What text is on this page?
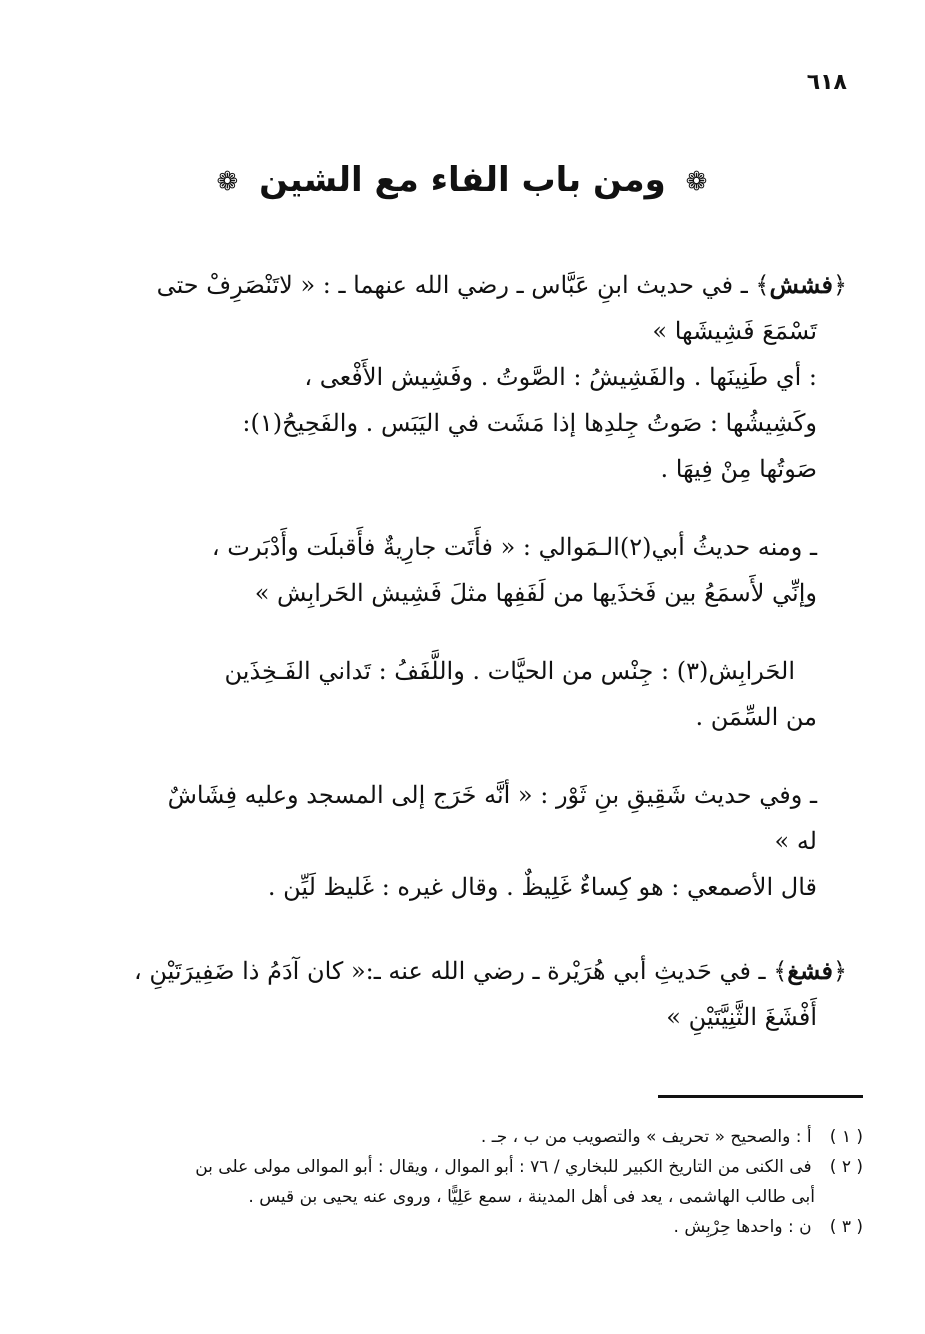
٦١٨
❁ ومن باب الفاء مع الشين ❁
﴿فشش﴾ ـ في حديث ابنِ عَبَّاس ـ رضي الله عنهما ـ : « لاتَنْصَرِفْ حتى
تَسْمَعَ فَشِيشَها »
: أي طَنِينَها . والفَشِيشُ : الصَّوتُ . وفَشِيش الأَفْعى ،
وكَشِيشُها : صَوتُ جِلدِها إذا مَشَت في اليَبَس . والفَحِيحُ(١):
صَوتُها مِنْ فِيهَا .
ـ ومنه حديثُ أبي(٢)الـمَوالي : « فأَتَت جارِيةٌ فأَقبلَت وأَدْبَرت ،
وإنِّي لأَسمَعُ بين فَخذَيها من لَفَفِها مثلَ فَشِيش الحَرابِش »
الحَرابِش(٣) : جِنْس من الحيَّات . واللَّفَفُ : تَداني الفَـخِذَين
من السِّمَن .
ـ وفي حديث شَقِيقِ بنِ ثَوْر : « أنَّه خَرَج إلى المسجد وعليه فِشَاشٌ
له »
قال الأصمعي : هو كِساءٌ غَلِيظٌ . وقال غيره : غَليظ لَيِّن .
﴿فشغ﴾ ـ في حَديثِ أبي هُرَيْرة ـ رضي الله عنه ـ:« كان آدَمُ ذا ضَفِيرَتَيْنِ ،
أَفْشَغَ الثَّنِيَّتَيْنِ »
( ١ ) أ : والصحيح « تحريف » والتصويب من ب ، جـ .
( ٢ ) فى الكنى من التاريخ الكبير للبخاري / ٧٦ : أبو الموال ، ويقال : أبو الموالى مولى على بن
أبى طالب الهاشمى ، يعد فى أهل المدينة ، سمع عَلِيًّا ، وروى عنه يحيى بن قيس .
( ٣ ) ن : واحدها حِرْبِش .
